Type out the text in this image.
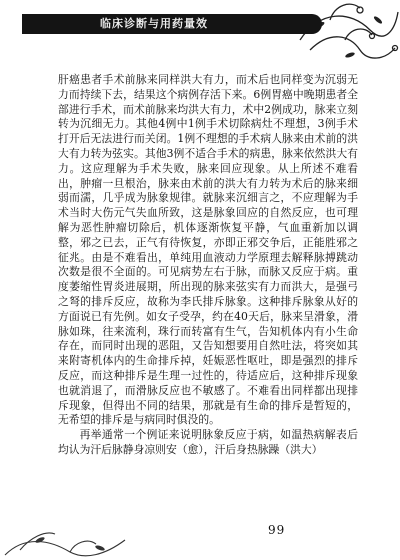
临床诊断与用药量效

肝癌患者手术前脉来同样洪大有力，而术后也同样变为沉弱无力而持续下去，结果这个病例存活下来。6例胃癌中晚期患者全部进行手术，而术前脉来均洪大有力，术中2例成功，脉来立刻转为沉细无力。其他4例中1例手术切除病灶不理想，3例手术打开后无法进行而关闭。1例不理想的手术病人脉来由术前的洪大有力转为弦实。其他3例不适合手术的病患，脉来依然洪大有力。这应理解为手术失败，脉来回应现象。从上所述不难看出，肿瘤一旦根治，脉来由术前的洪大有力转为术后的脉来细弱而濡，几乎成为脉象规律。就脉来沉细言之，不应理解为手术当时大伤元气失血所致，这是脉象回应的自然反应，也可理解为恶性肿瘤切除后，机体逐渐恢复平静，气血重新加以调整，邪之已去，正气有待恢复，亦即正邪交争后，正能胜邪之征兆。由是不难看出，单纯用血液动力学原理去解释脉搏跳动次数是很不全面的。可见病势左右于脉，而脉又反应于病。重度萎缩性胃炎进展期，所出现的脉来弦实有力而洪大，是强弓之弩的排斥反应，故称为李氏排斥脉象。这种排斥脉象从好的方面说已有先例。如女子受孕，约在40天后，脉来呈滑象，滑脉如珠，往来流利，珠行而转富有生气，告知机体内有小生命存在，而同时出现的恶阻，又告知想要用自然吐法，将突如其来附寄机体内的生命排斥掉，妊娠恶性呕吐，即是强烈的排斥反应，而这种排斥是生理一过性的，待适应后，这种排斥现象也就消退了，而滑脉反应也不敏感了。不难看出同样都出现排斥现象，但得出不同的结果，那就是有生命的排斥是暂短的，无希望的排斥是与病同时俱没的。

再举通常一个例证来说明脉象反应于病，如温热病解表后均认为汗后脉静身凉则安（愈），汗后身热脉躁（洪大）

99
